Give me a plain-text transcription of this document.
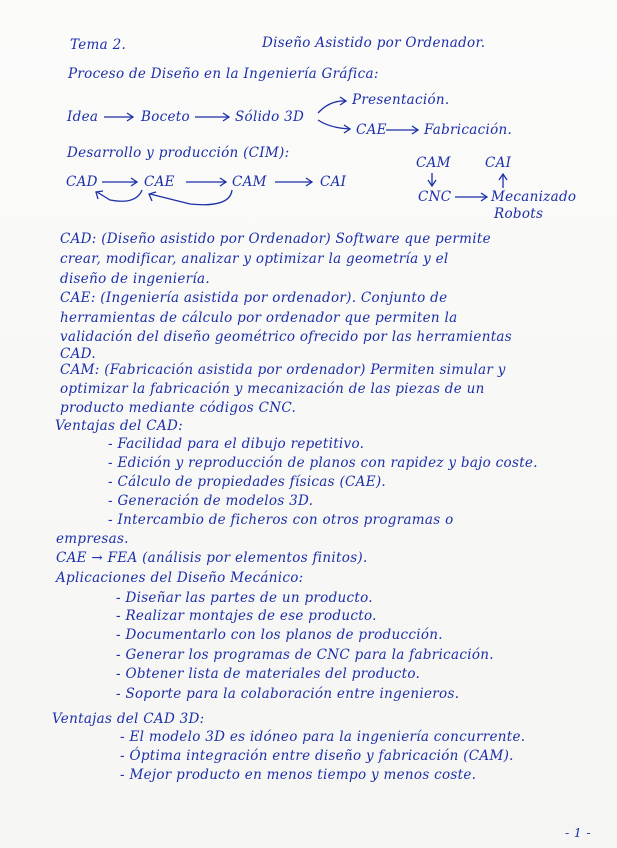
Tema 2.	Diseño Asistido por Ordenador.
Proceso de Diseño en la Ingeniería Gráfica:
Idea	Boceto	Sólido 3D
Presentación.
CAE	Fabricación.
Desarrollo y producción (CIM):
CAD	CAE	CAM	CAI
CAM	CAI
CNC	Mecanizado
Robots
CAD: (Diseño asistido por Ordenador) Software que permite
crear, modificar, analizar y optimizar la geometría y el
diseño de ingeniería.
CAE: (Ingeniería asistida por ordenador). Conjunto de
herramientas de cálculo por ordenador que permiten la
validación del diseño geométrico ofrecido por las herramientas
CAD.
CAM: (Fabricación asistida por ordenador) Permiten simular y
optimizar la fabricación y mecanización de las piezas de un
producto mediante códigos CNC.
Ventajas del CAD:
- Facilidad para el dibujo repetitivo.
- Edición y reproducción de planos con rapidez y bajo coste.
- Cálculo de propiedades físicas (CAE).
- Generación de modelos 3D.
- Intercambio de ficheros con otros programas o
empresas.
CAE → FEA (análisis por elementos finitos).
Aplicaciones del Diseño Mecánico:
- Diseñar las partes de un producto.
- Realizar montajes de ese producto.
- Documentarlo con los planos de producción.
- Generar los programas de CNC para la fabricación.
- Obtener lista de materiales del producto.
- Soporte para la colaboración entre ingenieros.
Ventajas del CAD 3D:
- El modelo 3D es idóneo para la ingeniería concurrente.
- Óptima integración entre diseño y fabricación (CAM).
- Mejor producto en menos tiempo y menos coste.
- 1 -
